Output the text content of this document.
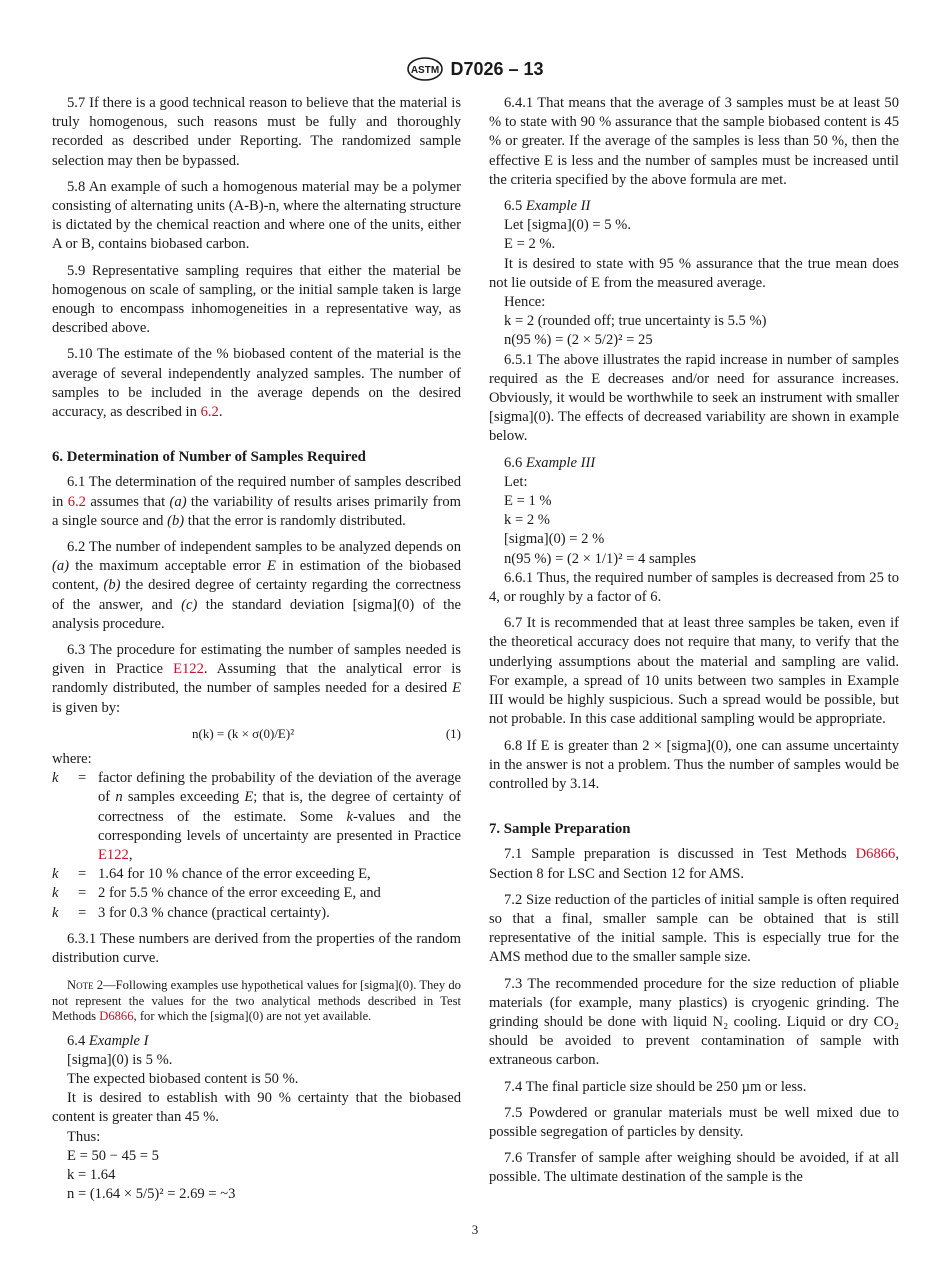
ASTM D7026 – 13

5.7 If there is a good technical reason to believe that the material is truly homogenous, such reasons must be fully and thoroughly recorded as described under Reporting. The randomized sample selection may then be bypassed.

5.8 An example of such a homogenous material may be a polymer consisting of alternating units (A-B)-n, where the alternating structure is dictated by the chemical reaction and where one of the units, either A or B, contains biobased carbon.

5.9 Representative sampling requires that either the material be homogenous on scale of sampling, or the initial sample taken is large enough to encompass inhomogeneities in a representative way, as described above.

5.10 The estimate of the % biobased content of the material is the average of several independently analyzed samples. The number of samples to be included in the average depends on the desired accuracy, as described in 6.2.

6. Determination of Number of Samples Required

6.1 The determination of the required number of samples described in 6.2 assumes that (a) the variability of results arises primarily from a single source and (b) that the error is randomly distributed.

6.2 The number of independent samples to be analyzed depends on (a) the maximum acceptable error E in estimation of the biobased content, (b) the desired degree of certainty regarding the correctness of the answer, and (c) the standard deviation [sigma](0) of the analysis procedure.

6.3 The procedure for estimating the number of samples needed is given in Practice E122. Assuming that the analytical error is randomly distributed, the number of samples needed for a desired E is given by:

n(k) = (k × σ(0)/E)²	(1)

where:

k	= factor defining the probability of the deviation of the average of n samples exceeding E; that is, the degree of certainty of correctness of the estimate. Some k-values and the corresponding levels of uncertainty are presented in Practice E122,
k	= 1.64 for 10 % chance of the error exceeding E,
k	= 2 for 5.5 % chance of the error exceeding E, and
k	= 3 for 0.3 % chance (practical certainty).

6.3.1 These numbers are derived from the properties of the random distribution curve.

Note 2—Following examples use hypothetical values for [sigma](0). They do not represent the values for the two analytical methods described in Test Methods D6866, for which the [sigma](0) are not yet available.

6.4 Example I

[sigma](0) is 5 %.

The expected biobased content is 50 %.

It is desired to establish with 90 % certainty that the biobased content is greater than 45 %.

Thus:

E = 50 − 45 = 5

k = 1.64

n = (1.64 × 5/5)² = 2.69 = ~3

6.4.1 That means that the average of 3 samples must be at least 50 % to state with 90 % assurance that the sample biobased content is 45 % or greater. If the average of the samples is less than 50 %, then the effective E is less and the number of samples must be increased until the criteria specified by the above formula are met.

6.5 Example II

Let [sigma](0) = 5 %.

E = 2 %.

It is desired to state with 95 % assurance that the true mean does not lie outside of E from the measured average.

Hence:

k = 2 (rounded off; true uncertainty is 5.5 %)

n(95 %) = (2 × 5/2)² = 25

6.5.1 The above illustrates the rapid increase in number of samples required as the E decreases and/or need for assurance increases. Obviously, it would be worthwhile to seek an instrument with smaller [sigma](0). The effects of decreased variability are shown in example below.

6.6 Example III

Let:

E = 1 %

k = 2 %

[sigma](0) = 2 %

n(95 %) = (2 × 1/1)² = 4 samples

6.6.1 Thus, the required number of samples is decreased from 25 to 4, or roughly by a factor of 6.

6.7 It is recommended that at least three samples be taken, even if the theoretical accuracy does not require that many, to verify that the underlying assumptions about the material and sampling are valid. For example, a spread of 10 units between two samples in Example III would be highly suspicious. Such a spread would be possible, but not probable. In this case additional sampling would be appropriate.

6.8 If E is greater than 2 × [sigma](0), one can assume uncertainty in the answer is not a problem. Thus the number of samples would be controlled by 3.14.

7. Sample Preparation

7.1 Sample preparation is discussed in Test Methods D6866, Section 8 for LSC and Section 12 for AMS.

7.2 Size reduction of the particles of initial sample is often required so that a final, smaller sample can be obtained that is still representative of the initial sample. This is especially true for the AMS method due to the smaller sample size.

7.3 The recommended procedure for the size reduction of pliable materials (for example, many plastics) is cryogenic grinding. The grinding should be done with liquid N₂ cooling. Liquid or dry CO₂ should be avoided to prevent contamination of sample with extraneous carbon.

7.4 The final particle size should be 250 µm or less.

7.5 Powdered or granular materials must be well mixed due to possible segregation of particles by density.

7.6 Transfer of sample after weighing should be avoided, if at all possible. The ultimate destination of the sample is the

3
